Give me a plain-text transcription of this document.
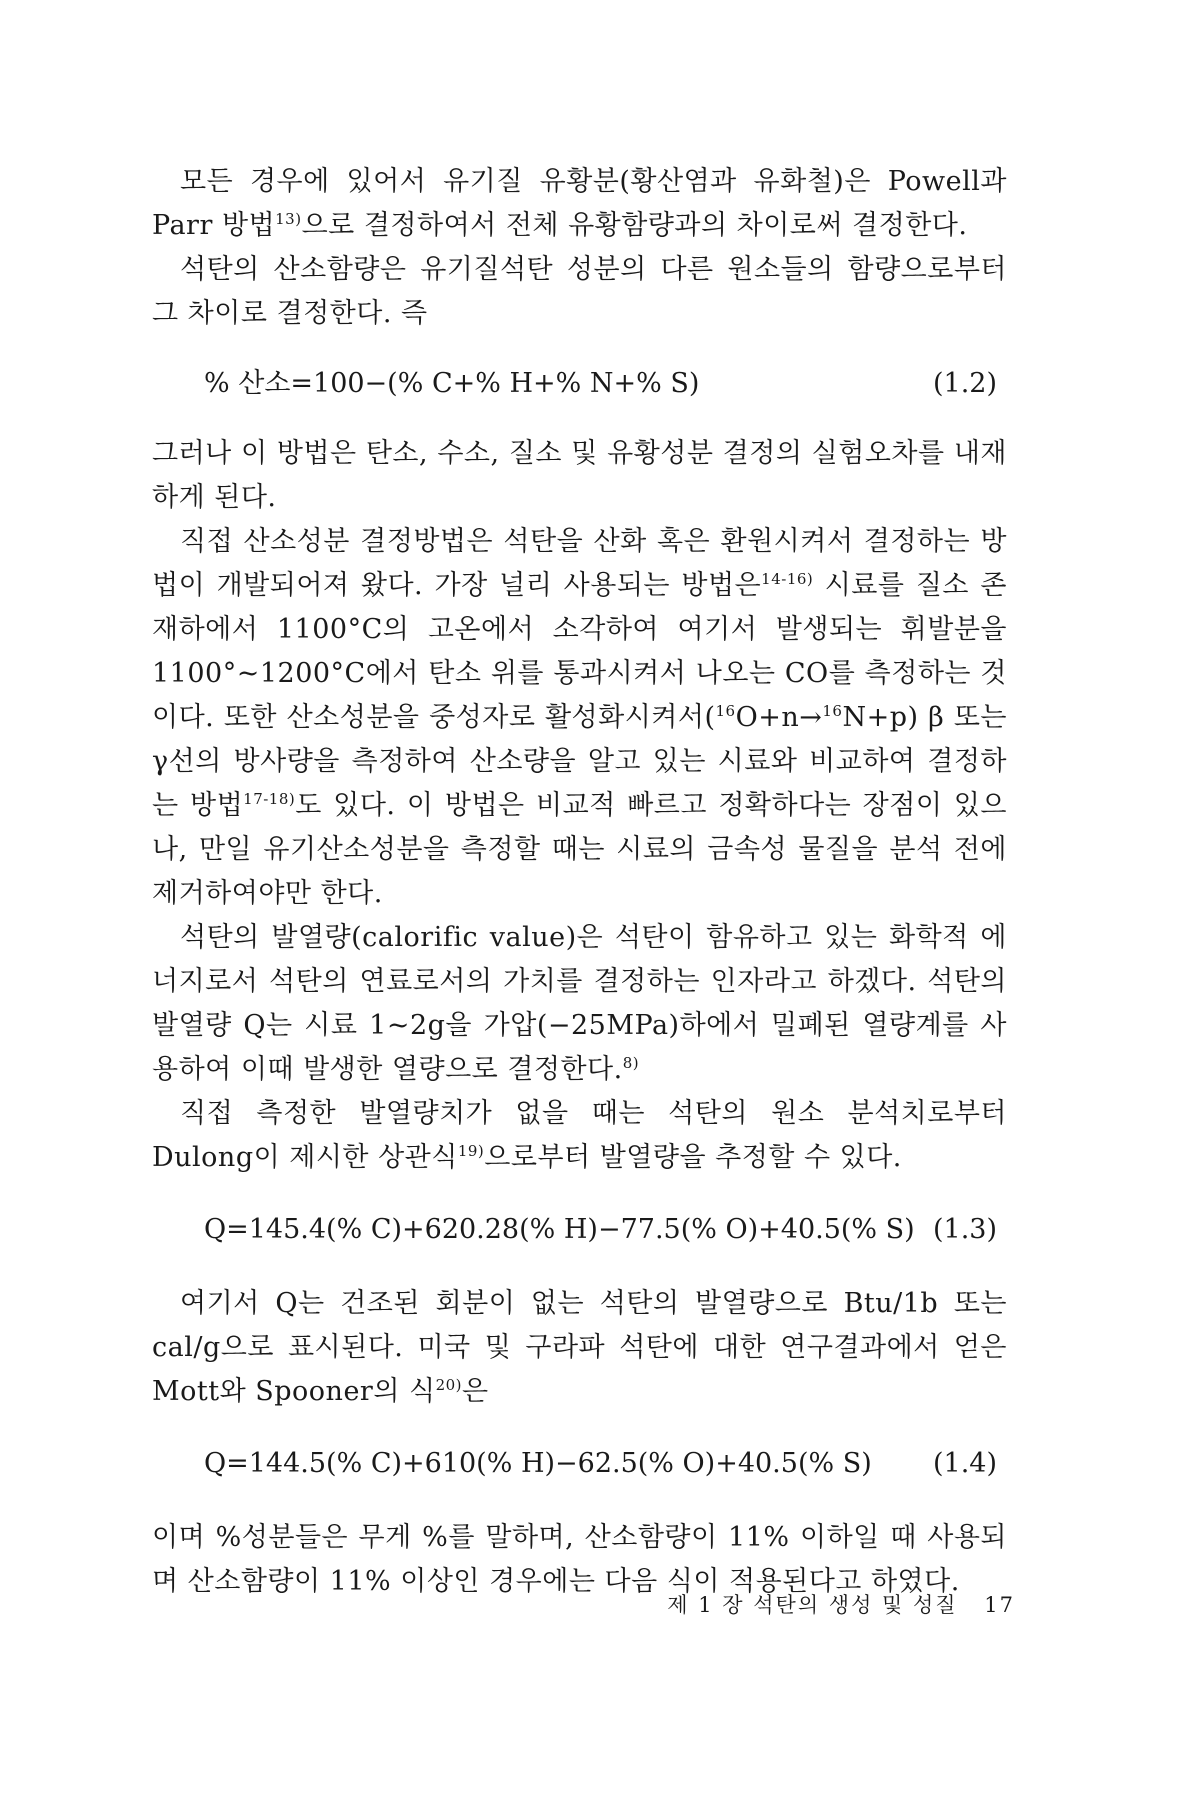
모든 경우에 있어서 유기질 유황분(황산염과 유화철)은 Powell과 Parr 방법$^{13)}$으로 결정하여서 전체 유황함량과의 차이로써 결정한다.

석탄의 산소함량은 유기질석탄 성분의 다른 원소들의 함량으로부터 그 차이로 결정한다. 즉

% 산소=100−(% C+% H+% N+% S)	(1.2)

그러나 이 방법은 탄소, 수소, 질소 및 유황성분 결정의 실험오차를 내재하게 된다.

직접 산소성분 결정방법은 석탄을 산화 혹은 환원시켜서 결정하는 방법이 개발되어져 왔다. 가장 널리 사용되는 방법은$^{14-16)}$ 시료를 질소 존재하에서 1100°C의 고온에서 소각하여 여기서 발생되는 휘발분을 1100°~1200°C에서 탄소 위를 통과시켜서 나오는 CO를 측정하는 것이다. 또한 산소성분을 중성자로 활성화시켜서($^{16}$O+n→$^{16}$N+p) β 또는 γ선의 방사량을 측정하여 산소량을 알고 있는 시료와 비교하여 결정하는 방법$^{17-18)}$도 있다. 이 방법은 비교적 빠르고 정확하다는 장점이 있으나, 만일 유기산소성분을 측정할 때는 시료의 금속성 물질을 분석 전에 제거하여야만 한다.

석탄의 발열량(calorific value)은 석탄이 함유하고 있는 화학적 에너지로서 석탄의 연료로서의 가치를 결정하는 인자라고 하겠다. 석탄의 발열량 Q는 시료 1~2g을 가압(−25MPa)하에서 밀폐된 열량계를 사용하여 이때 발생한 열량으로 결정한다.$^{8)}$

직접 측정한 발열량치가 없을 때는 석탄의 원소 분석치로부터 Dulong이 제시한 상관식$^{19)}$으로부터 발열량을 추정할 수 있다.

Q=145.4(% C)+620.28(% H)−77.5(% O)+40.5(% S) (1.3)

여기서 Q는 건조된 회분이 없는 석탄의 발열량으로 Btu/1b 또는 cal/g으로 표시된다. 미국 및 구라파 석탄에 대한 연구결과에서 얻은 Mott와 Spooner의 식$^{20)}$은

Q=144.5(% C)+610(% H)−62.5(% O)+40.5(% S) (1.4)

이며 %성분들은 무게 %를 말하며, 산소함량이 11% 이하일 때 사용되며 산소함량이 11% 이상인 경우에는 다음 식이 적용된다고 하였다.

제 1 장 석탄의 생성 및 성질 17
